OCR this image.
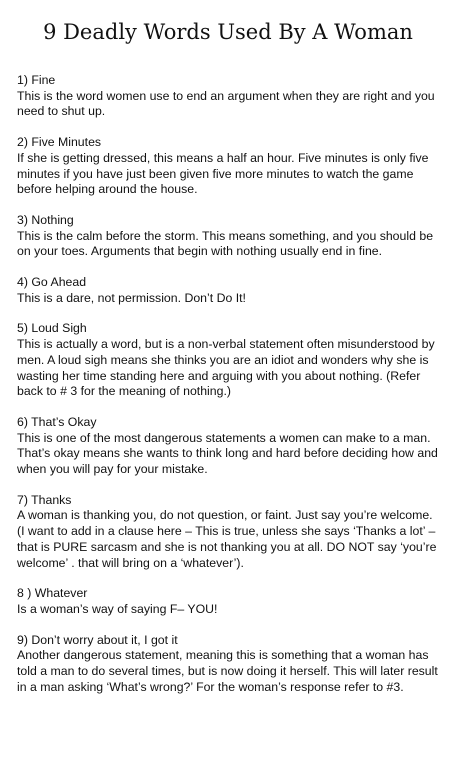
9 Deadly Words Used By A Woman
1) Fine
This is the word women use to end an argument when they are right and you need to shut up.
2) Five Minutes
If she is getting dressed, this means a half an hour. Five minutes is only five minutes if you have just been given five more minutes to watch the game before helping around the house.
3) Nothing
This is the calm before the storm. This means something, and you should be on your toes. Arguments that begin with nothing usually end in fine.
4) Go Ahead
This is a dare, not permission. Don’t Do It!
5) Loud Sigh
This is actually a word, but is a non-verbal statement often misunderstood by men. A loud sigh means she thinks you are an idiot and wonders why she is wasting her time standing here and arguing with you about nothing. (Refer back to # 3 for the meaning of nothing.)
6) That’s Okay
This is one of the most dangerous statements a women can make to a man. That’s okay means she wants to think long and hard before deciding how and when you will pay for your mistake.
7) Thanks
A woman is thanking you, do not question, or faint. Just say you’re welcome. (I want to add in a clause here – This is true, unless she says ‘Thanks a lot’ – that is PURE sarcasm and she is not thanking you at all. DO NOT say ‘you’re welcome’ . that will bring on a ‘whatever’).
8 ) Whatever
Is a woman’s way of saying F– YOU!
9) Don’t worry about it, I got it
Another dangerous statement, meaning this is something that a woman has told a man to do several times, but is now doing it herself. This will later result in a man asking ‘What’s wrong?’ For the woman’s response refer to #3.
